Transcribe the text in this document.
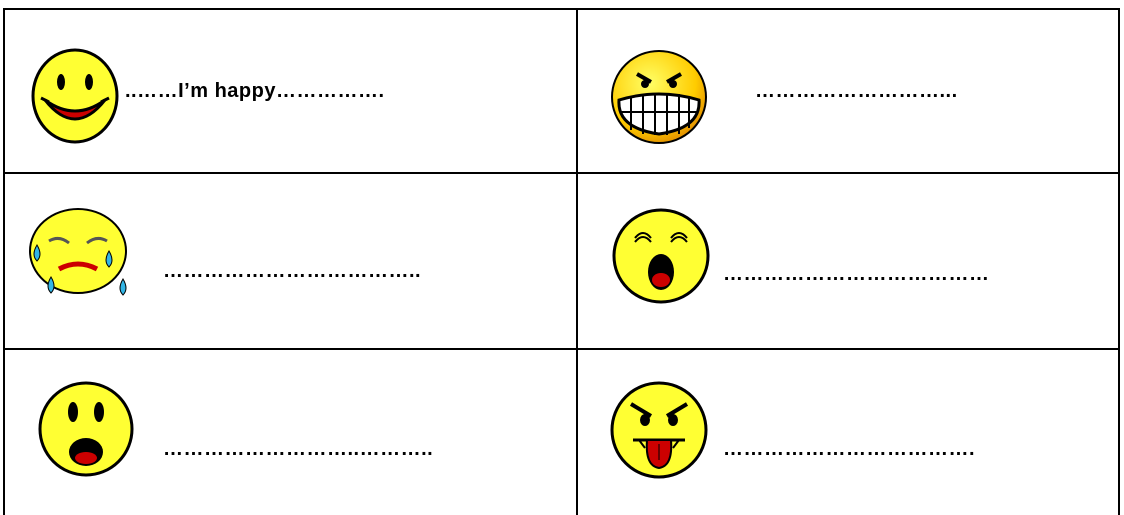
..……I’m happy…………….	………………………...
………………………………..	…………………………………
………………………..………..	……………………………….
